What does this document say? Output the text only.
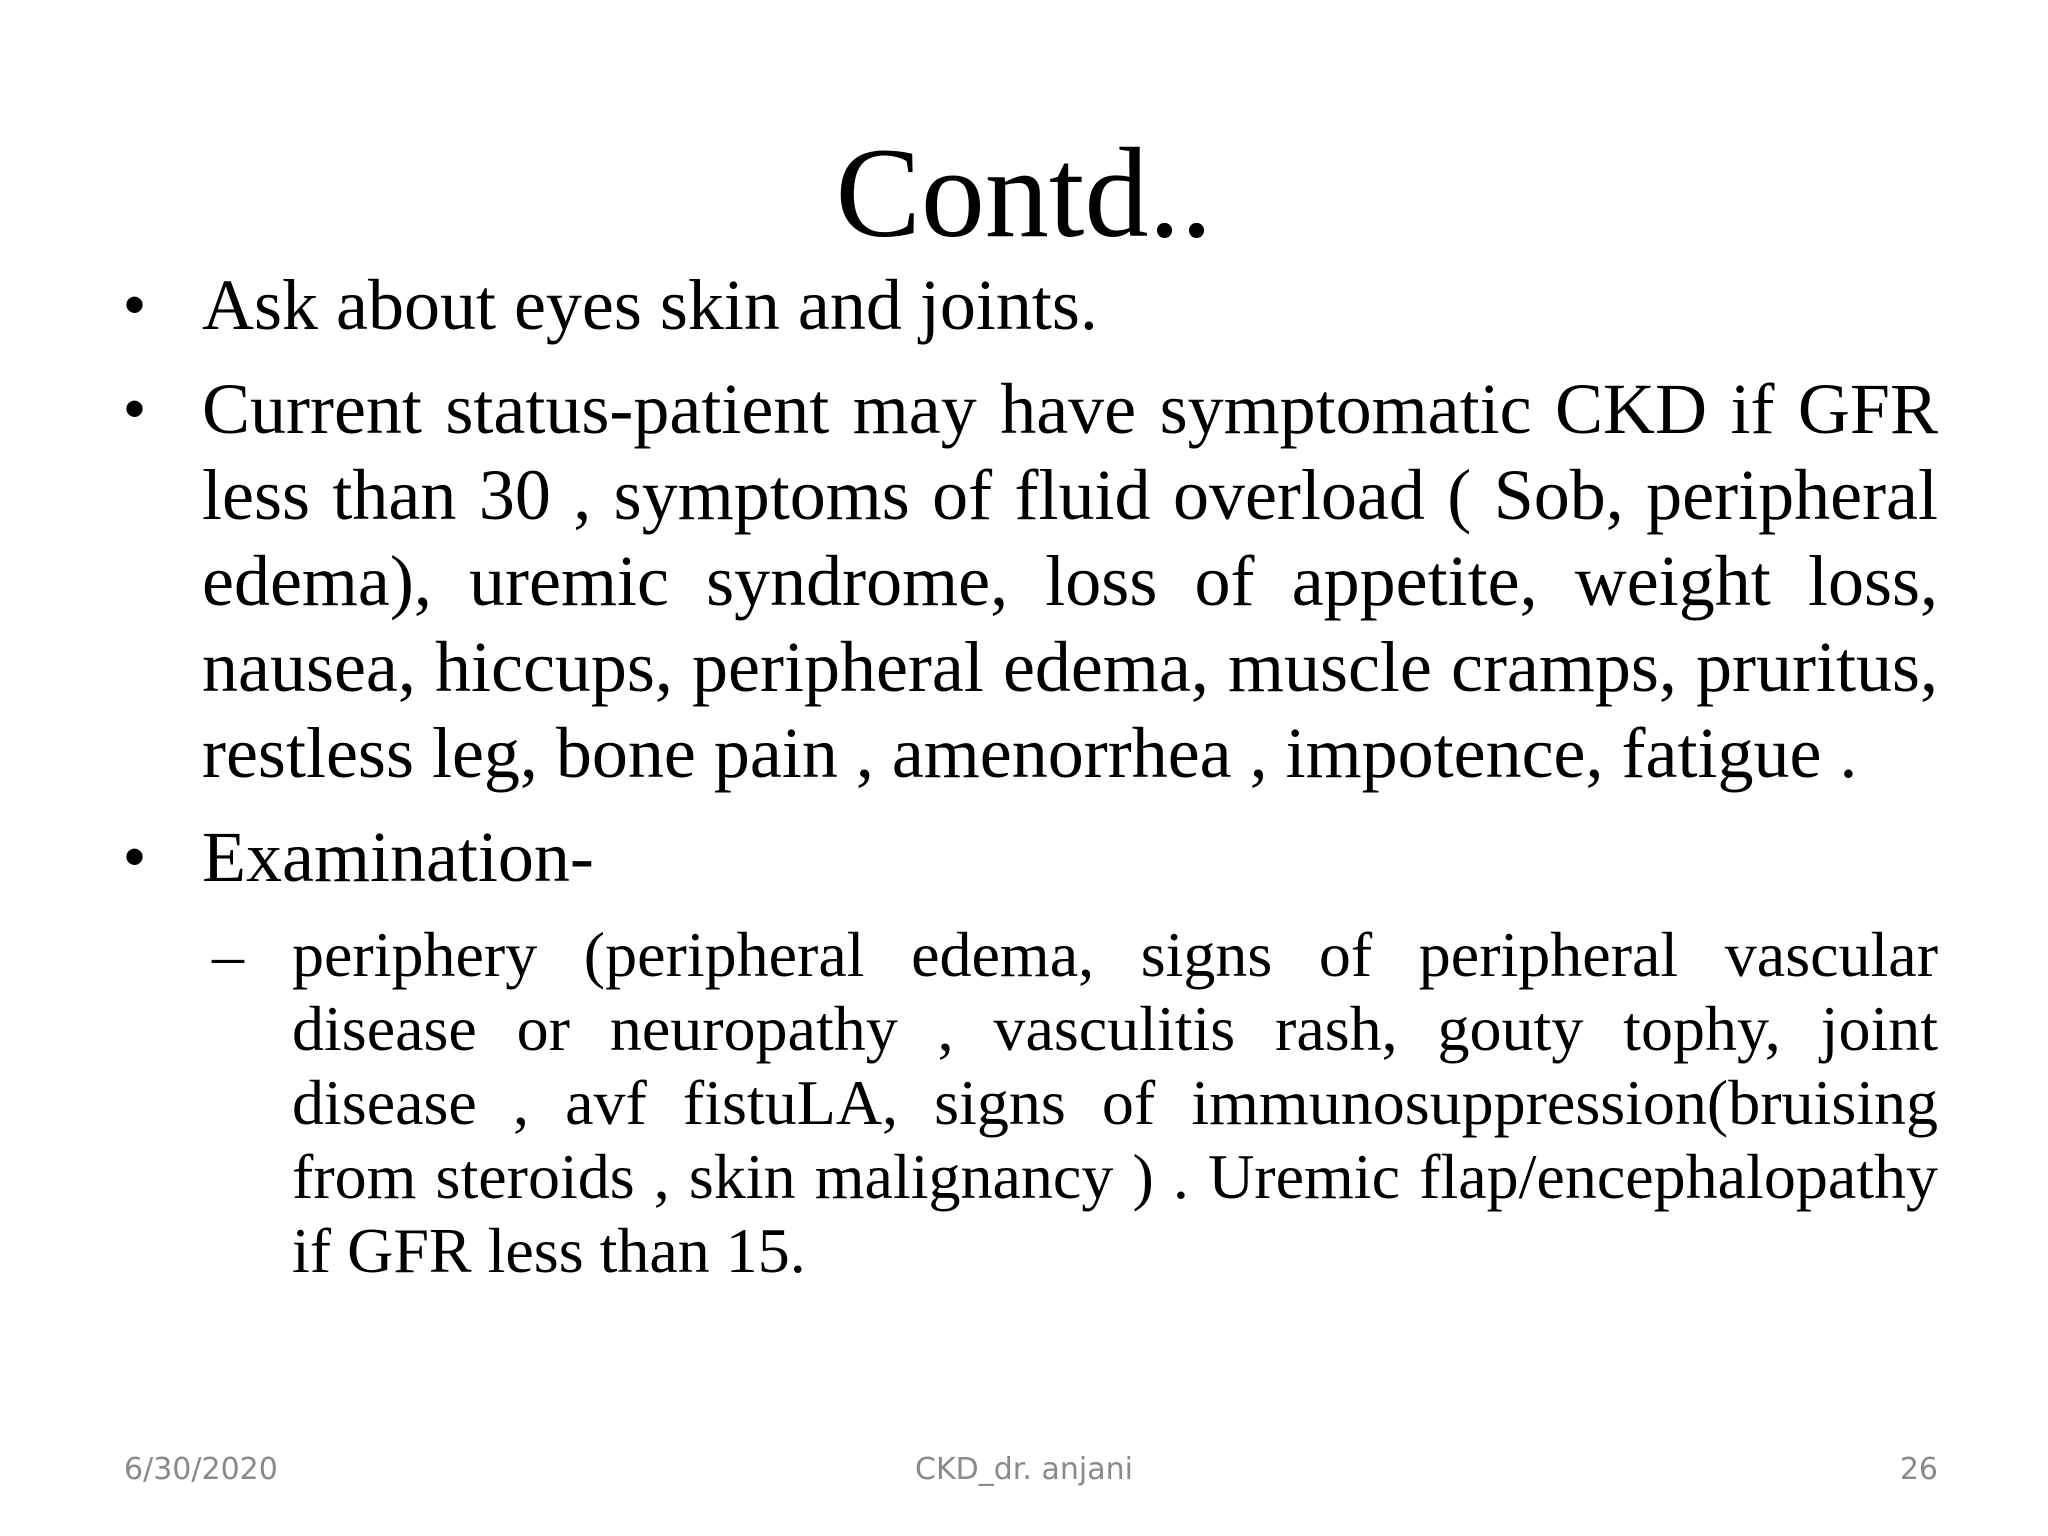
Contd..
• Ask about eyes skin and joints.
• Current status-patient may have symptomatic CKD if GFR less than 30 , symptoms of fluid overload ( Sob, peripheral edema), uremic syndrome, loss of appetite, weight loss, nausea, hiccups, peripheral edema, muscle cramps, pruritus, restless leg, bone pain , amenorrhea , impotence, fatigue .
• Examination-
– periphery (peripheral edema, signs of peripheral vascular disease or neuropathy , vasculitis rash, gouty tophy, joint disease , avf fistuLA, signs of immunosuppression(bruising from steroids , skin malignancy ) . Uremic flap/encephalopathy if GFR less than 15.
6/30/2020	CKD_dr. anjani	26
